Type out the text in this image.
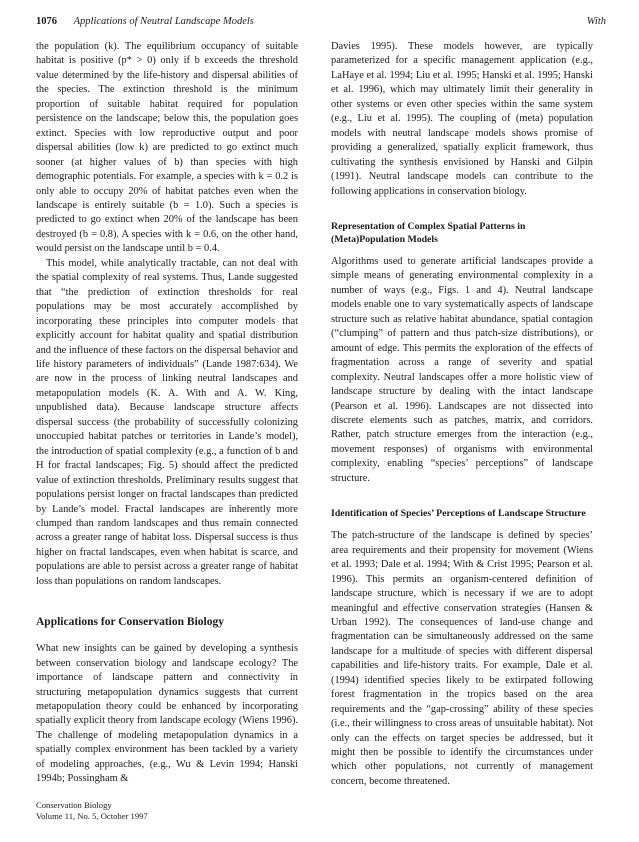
1076 Applications of Neutral Landscape Models	With

the population (k). The equilibrium occupancy of suitable habitat is positive (p* > 0) only if b exceeds the threshold value determined by the life-history and dispersal abilities of the species. The extinction threshold is the minimum proportion of suitable habitat required for population persistence on the landscape; below this, the population goes extinct. Species with low reproductive output and poor dispersal abilities (low k) are predicted to go extinct much sooner (at higher values of b) than species with high demographic potentials. For example, a species with k = 0.2 is only able to occupy 20% of habitat patches even when the landscape is entirely suitable (b = 1.0). Such a species is predicted to go extinct when 20% of the landscape has been destroyed (b = 0.8). A species with k = 0.6, on the other hand, would persist on the landscape until b = 0.4.

This model, while analytically tractable, can not deal with the spatial complexity of real systems. Thus, Lande suggested that “the prediction of extinction thresholds for real populations may be most accurately accomplished by incorporating these principles into computer models that explicitly account for habitat quality and spatial distribution and the influence of these factors on the dispersal behavior and life history parameters of individuals” (Lande 1987:634). We are now in the process of linking neutral landscapes and metapopulation models (K. A. With and A. W. King, unpublished data). Because landscape structure affects dispersal success (the probability of successfully colonizing unoccupied habitat patches or territories in Lande’s model), the introduction of spatial complexity (e.g., a function of b and H for fractal landscapes; Fig. 5) should affect the predicted value of extinction thresholds. Preliminary results suggest that populations persist longer on fractal landscapes than predicted by Lande’s model. Fractal landscapes are inherently more clumped than random landscapes and thus remain connected across a greater range of habitat loss. Dispersal success is thus higher on fractal landscapes, even when habitat is scarce, and populations are able to persist across a greater range of habitat loss than populations on random landscapes.

Applications for Conservation Biology

What new insights can be gained by developing a synthesis between conservation biology and landscape ecology? The importance of landscape pattern and connectivity in structuring metapopulation dynamics suggests that current metapopulation theory could be enhanced by incorporating spatially explicit theory from landscape ecology (Wiens 1996). The challenge of modeling metapopulation dynamics in a spatially complex environment has been tackled by a variety of modeling approaches, (e.g., Wu & Levin 1994; Hanski 1994b; Possingham &

Davies 1995). These models however, are typically parameterized for a specific management application (e.g., LaHaye et al. 1994; Liu et al. 1995; Hanski et al. 1995; Hanski et al. 1996), which may ultimately limit their generality in other systems or even other species within the same system (e.g., Liu et al. 1995). The coupling of (meta) population models with neutral landscape models shows promise of providing a generalized, spatially explicit framework, thus cultivating the synthesis envisioned by Hanski and Gilpin (1991). Neutral landscape models can contribute to the following applications in conservation biology.

Representation of Complex Spatial Patterns in (Meta)Population Models

Algorithms used to generate artificial landscapes provide a simple means of generating environmental complexity in a number of ways (e.g., Figs. 1 and 4). Neutral landscape models enable one to vary systematically aspects of landscape structure such as relative habitat abundance, spatial contagion (“clumping” of pattern and thus patch-size distributions), or amount of edge. This permits the exploration of the effects of fragmentation across a range of severity and spatial complexity. Neutral landscapes offer a more holistic view of landscape structure by dealing with the intact landscape (Pearson et al. 1996). Landscapes are not dissected into discrete elements such as patches, matrix, and corridors. Rather, patch structure emerges from the interaction (e.g., movement responses) of organisms with environmental complexity, enabling “species’ perceptions” of landscape structure.

Identification of Species’ Perceptions of Landscape Structure

The patch-structure of the landscape is defined by species’ area requirements and their propensity for movement (Wiens et al. 1993; Dale et al. 1994; With & Crist 1995; Pearson et al. 1996). This permits an organism-centered definition of landscape structure, which is necessary if we are to adopt meaningful and effective conservation strategies (Hansen & Urban 1992). The consequences of land-use change and fragmentation can be simultaneously addressed on the same landscape for a multitude of species with different dispersal capabilities and life-history traits. For example, Dale et al. (1994) identified species likely to be extirpated following forest fragmentation in the tropics based on the area requirements and the “gap-crossing” ability of these species (i.e., their willingness to cross areas of unsuitable habitat). Not only can the effects on target species be addressed, but it might then be possible to identify the circumstances under which other populations, not currently of management concern, become threatened.

Conservation Biology
Volume 11, No. 5, October 1997
